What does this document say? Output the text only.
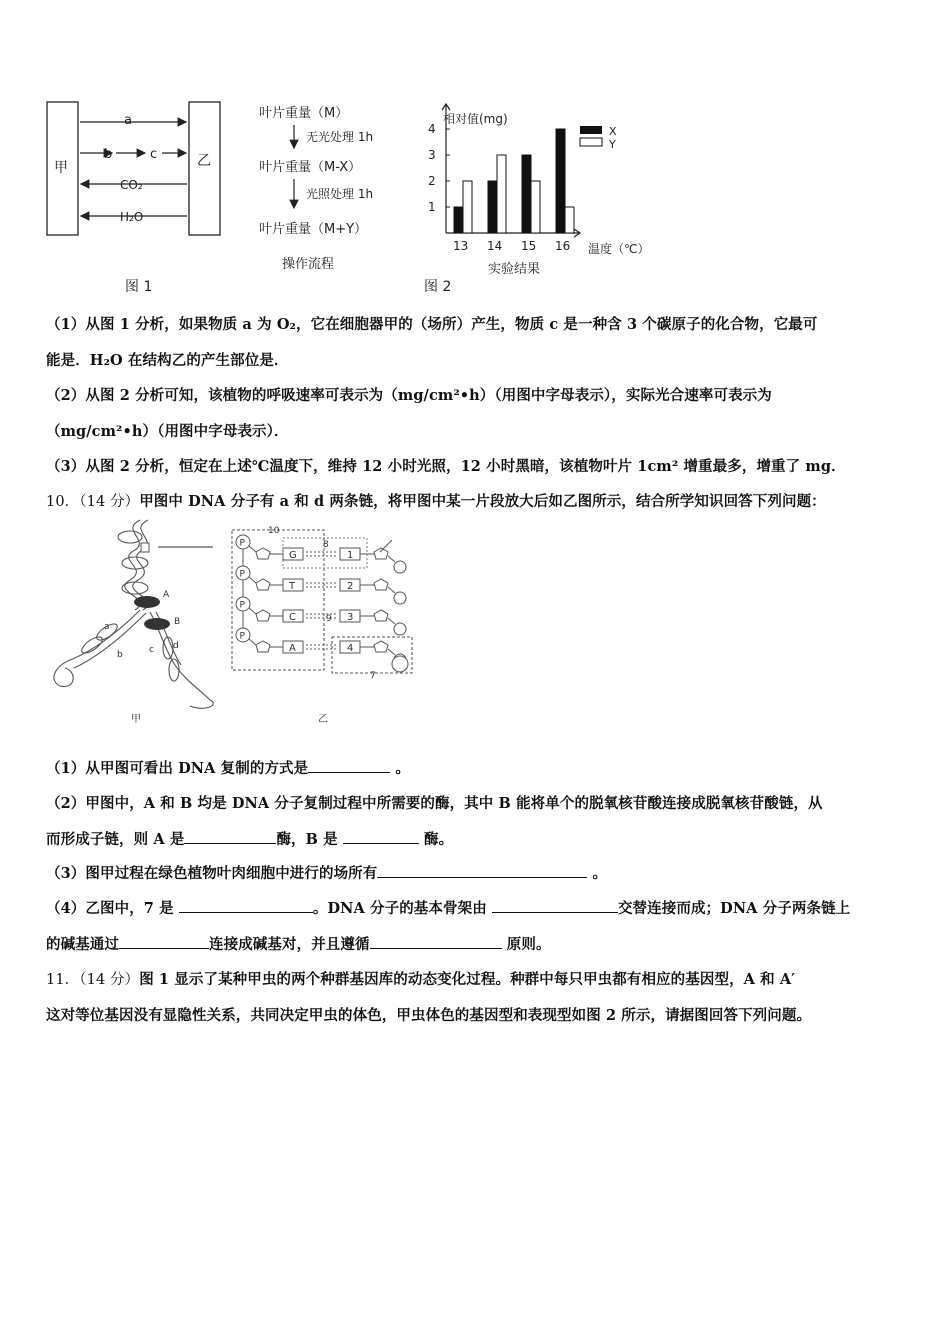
甲	乙
a
b	c
CO₂
H₂O
图 1
叶片重量（M）
无光处理 1h
叶片重量（M-X）
光照处理 1h
叶片重量（M+Y）
操作流程
相对值(mg)
温度（℃）
X
Y
图 2
实验结果
1
2
3
4
13 14 15 16
（1）从图 1 分析，如果物质 a 为 O₂，它在细胞器甲的（场所）产生，物质 c 是一种含 3 个碳原子的化合物，它最可
能是．H₂O 在结构乙的产生部位是．
（2）从图 2 分析可知，该植物的呼吸速率可表示为（mg/cm²•h）（用图中字母表示），实际光合速率可表示为
（mg/cm²•h）（用图中字母表示）．
（3）从图 2 分析，恒定在上述℃温度下，维持 12 小时光照，12 小时黑暗，该植物叶片 1cm² 增重最多，增重了 mg．
10．（14 分）甲图中 DNA 分子有 a 和 d 两条链，将甲图中某一片段放大后如乙图所示，结合所学知识回答下列问题：
A
B
a
b	c d
甲
10
8
7
9
乙
P
G	1
P
T	2
P
C	3
P
A	4
（1）从甲图可看出 DNA 复制的方式是	。
（2）甲图中，A 和 B 均是 DNA 分子复制过程中所需要的酶，其中 B 能将单个的脱氧核苷酸连接成脱氧核苷酸链，从
而形成子链，则 A 是	酶，B 是	酶。
（3）图甲过程在绿色植物叶肉细胞中进行的场所有	。
（4）乙图中，7 是	。DNA 分子的基本骨架由	交替连接而成；DNA 分子两条链上
的碱基通过	连接成碱基对，并且遵循	原则。
11．（14 分）图 1 显示了某种甲虫的两个种群基因库的动态变化过程。种群中每只甲虫都有相应的基因型，A 和 A′
这对等位基因没有显隐性关系，共同决定甲虫的体色，甲虫体色的基因型和表现型如图 2 所示，请据图回答下列问题。
